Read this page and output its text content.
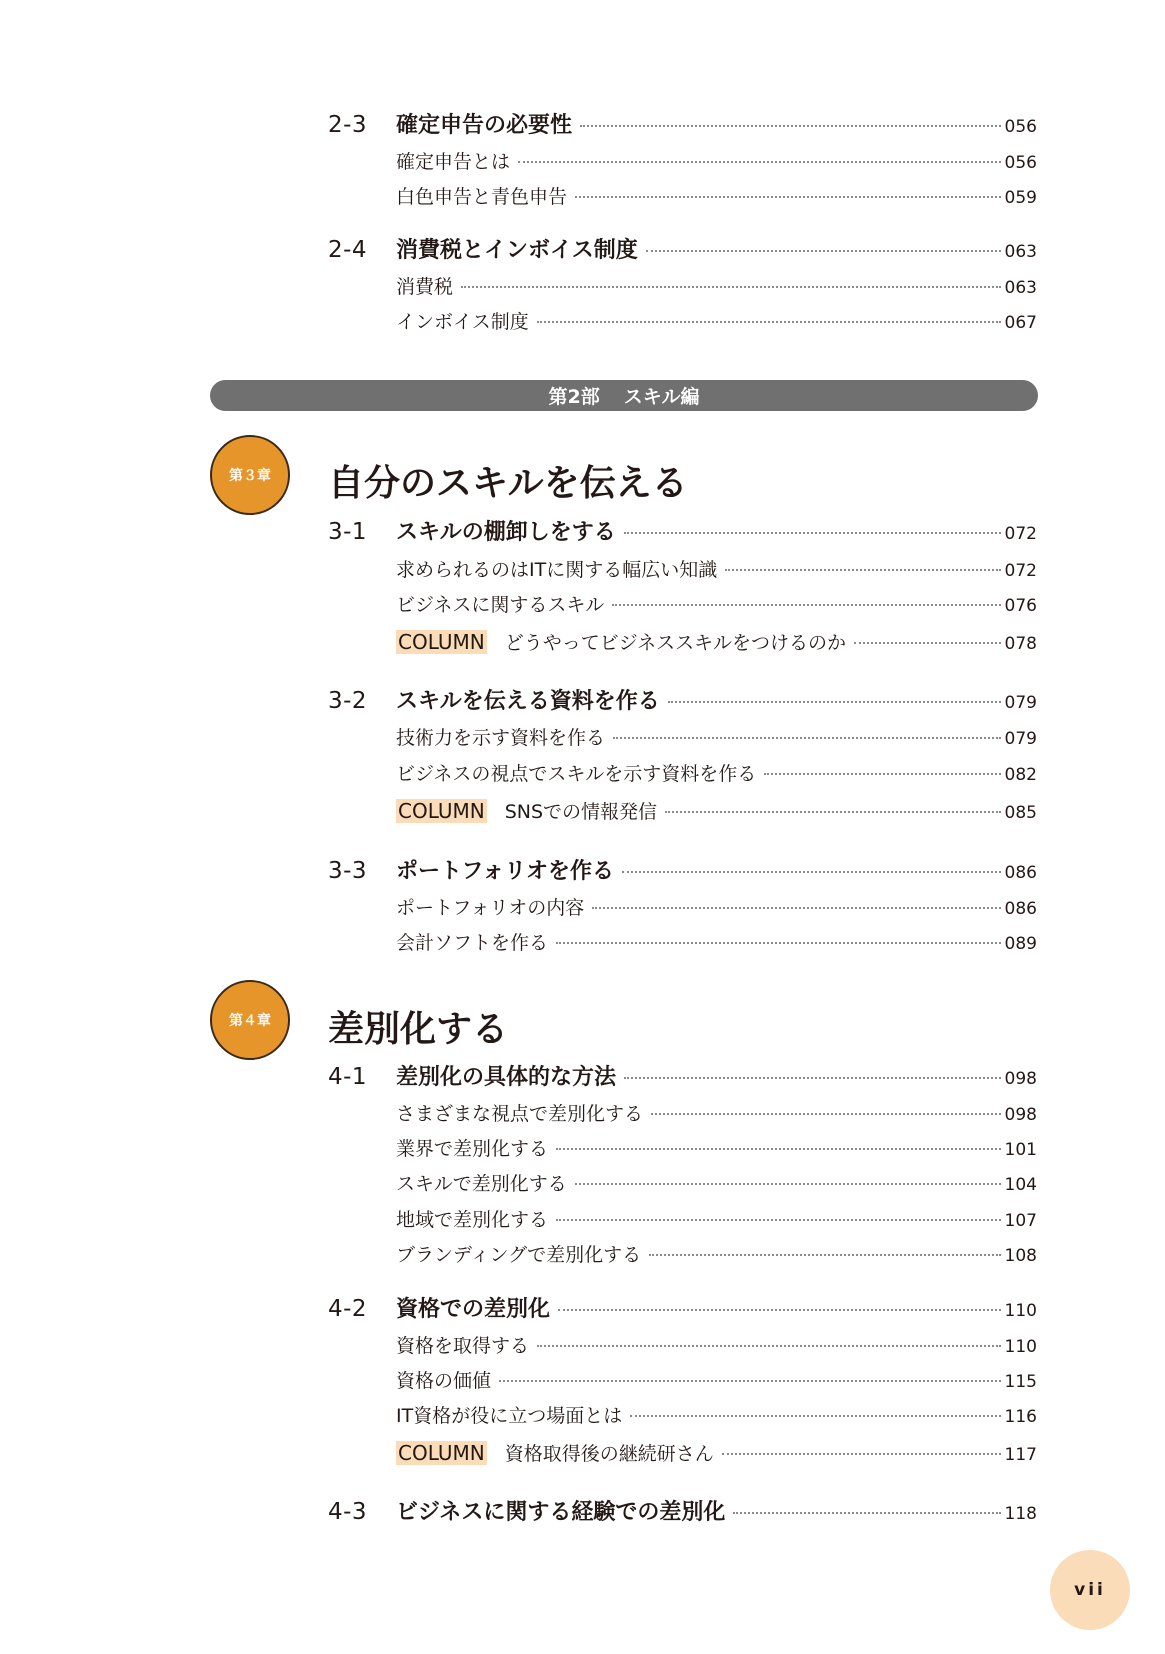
2-3	確定申告の必要性	056
確定申告とは	056
白色申告と青色申告	059
2-4	消費税とインボイス制度	063
消費税	063
インボイス制度	067
第2部 スキル編
第３章	自分のスキルを伝える
3-1	スキルの棚卸しをする	072
求められるのはITに関する幅広い知識	072
ビジネスに関するスキル	076
COLUMN どうやってビジネススキルをつけるのか	078
3-2	スキルを伝える資料を作る	079
技術力を示す資料を作る	079
ビジネスの視点でスキルを示す資料を作る	082
COLUMN SNSでの情報発信	085
3-3	ポートフォリオを作る	086
ポートフォリオの内容	086
会計ソフトを作る	089
第４章	差別化する
4-1	差別化の具体的な方法	098
さまざまな視点で差別化する	098
業界で差別化する	101
スキルで差別化する	104
地域で差別化する	107
ブランディングで差別化する	108
4-2	資格での差別化	110
資格を取得する	110
資格の価値	115
IT資格が役に立つ場面とは	116
COLUMN 資格取得後の継続研さん	117
4-3	ビジネスに関する経験での差別化	118
vii
